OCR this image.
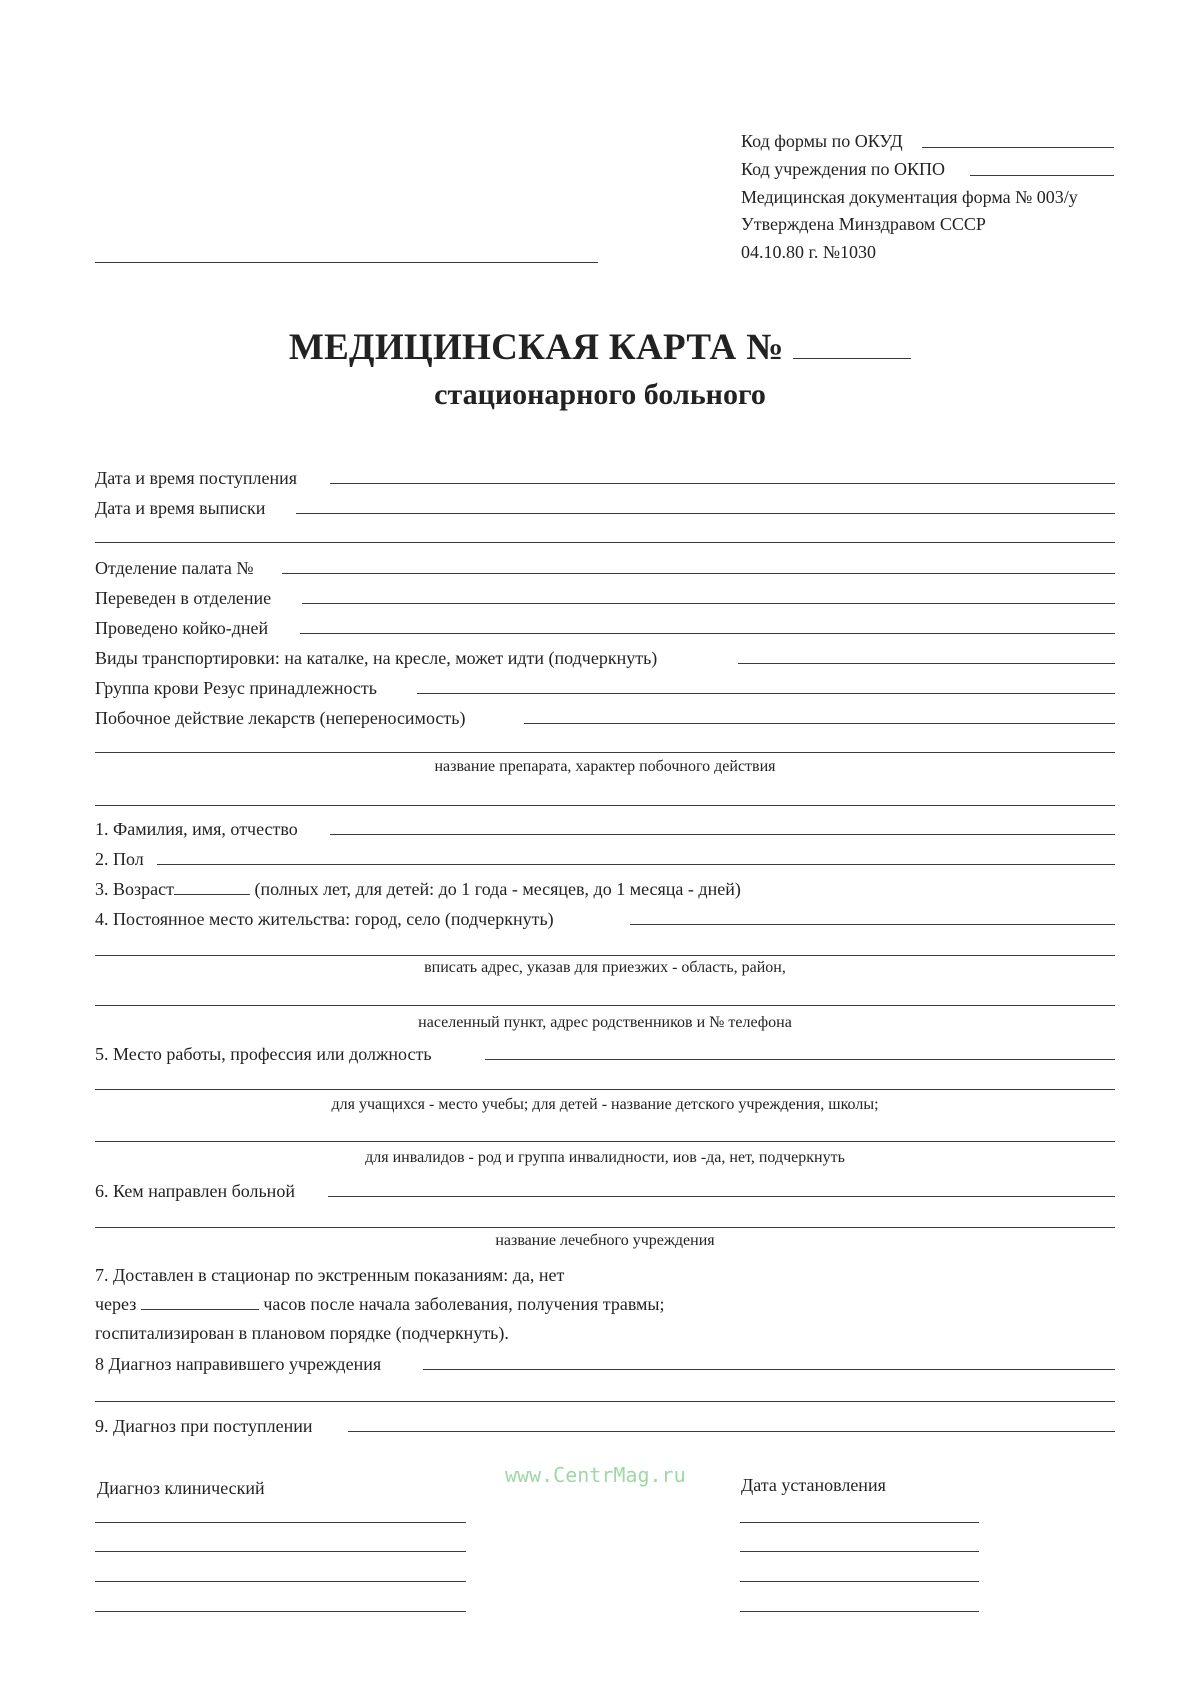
Код формы по ОКУД
Код учреждения по ОКПО
Медицинская документация форма № 003/у
Утверждена Минздравом СССР
04.10.80 г. №1030
МЕДИЦИНСКАЯ КАРТА №
стационарного больного
Дата и время поступления
Дата и время выписки
Отделение палата №
Переведен в отделение
Проведено койко-дней
Виды транспортировки: на каталке, на кресле, может идти (подчеркнуть)
Группа крови Резус принадлежность
Побочное действие лекарств (непереносимость)
название препарата, характер побочного действия
1. Фамилия, имя, отчество
2. Пол
3. Возраст	(полных лет, для детей: до 1 года - месяцев, до 1 месяца - дней)
4. Постоянное место жительства: город, село (подчеркнуть)
вписать адрес, указав для приезжих - область, район,
населенный пункт, адрес родственников и № телефона
5. Место работы, профессия или должность
для учащихся - место учебы; для детей - название детского учреждения, школы;
для инвалидов - род и группа инвалидности, иов -да, нет, подчеркнуть
6. Кем направлен больной
название лечебного учреждения
7. Доставлен в стационар по экстренным показаниям: да, нет
через	часов после начала заболевания, получения травмы;
госпитализирован в плановом порядке (подчеркнуть).
8 Диагноз направившего учреждения
9. Диагноз при поступлении
Диагноз клинический	Дата установления
www.CentrMag.ru
